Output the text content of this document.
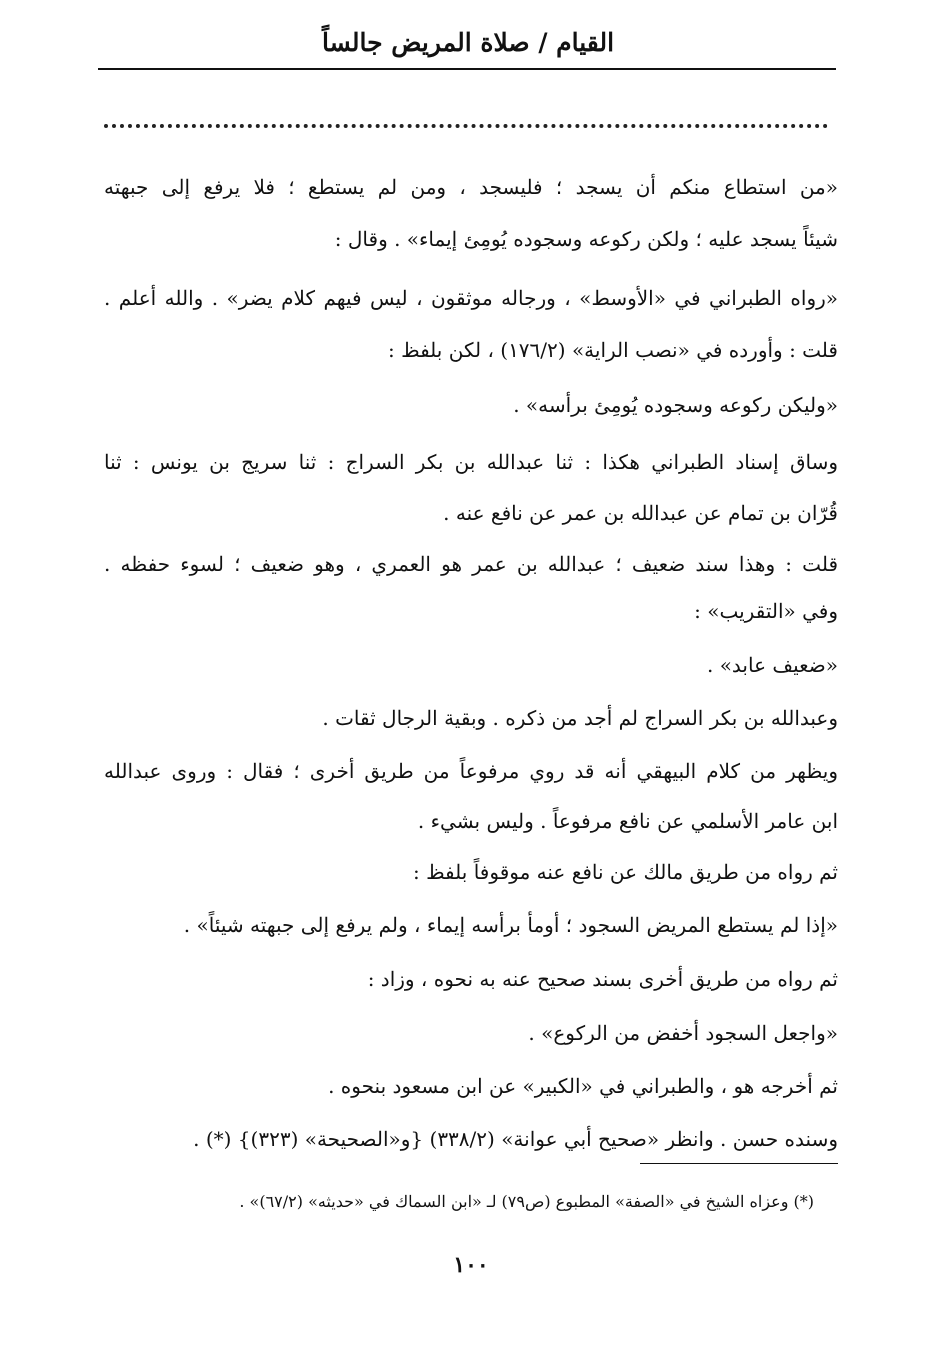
القيام / صلاة المريض جالساً
«من استطاع منكم أن يسجد ؛ فليسجد ، ومن لم يستطع ؛ فلا يرفع إلى جبهته
شيئاً يسجد عليه ؛ ولكن ركوعه وسجوده يُومِئ إيماء» . وقال :
«رواه الطبراني في «الأوسط» ، ورجاله موثقون ، ليس فيهم كلام يضر» . والله أعلم .
قلت : وأورده في «نصب الراية» (١٧٦/٢) ، لكن بلفظ :
«وليكن ركوعه وسجوده يُومِئ برأسه» .
وساق إسناد الطبراني هكذا : ثنا عبدالله بن بكر السراج : ثنا سريج بن يونس : ثنا
قُرّان بن تمام عن عبدالله بن عمر عن نافع عنه .
قلت : وهذا سند ضعيف ؛ عبدالله بن عمر هو العمري ، وهو ضعيف ؛ لسوء حفظه .
وفي «التقريب» :
«ضعيف عابد» .
وعبدالله بن بكر السراج لم أجد من ذكره . وبقية الرجال ثقات .
ويظهر من كلام البيهقي أنه قد روي مرفوعاً من طريق أخرى ؛ فقال : وروى عبدالله
ابن عامر الأسلمي عن نافع مرفوعاً . وليس بشيء .
ثم رواه من طريق مالك عن نافع عنه موقوفاً بلفظ :
«إذا لم يستطع المريض السجود ؛ أومأ برأسه إيماء ، ولم يرفع إلى جبهته شيئاً» .
ثم رواه من طريق أخرى بسند صحيح عنه به نحوه ، وزاد :
«واجعل السجود أخفض من الركوع» .
ثم أخرجه هو ، والطبراني في «الكبير» عن ابن مسعود بنحوه .
وسنده حسن . وانظر «صحيح أبي عوانة» (٣٣٨/٢) {و«الصحيحة» (٣٢٣)} (*) .
(*) وعزاه الشيخ في «الصفة» المطبوع (ص٧٩) لـ «ابن السماك في «حديثه» (٦٧/٢)» .
١٠٠
